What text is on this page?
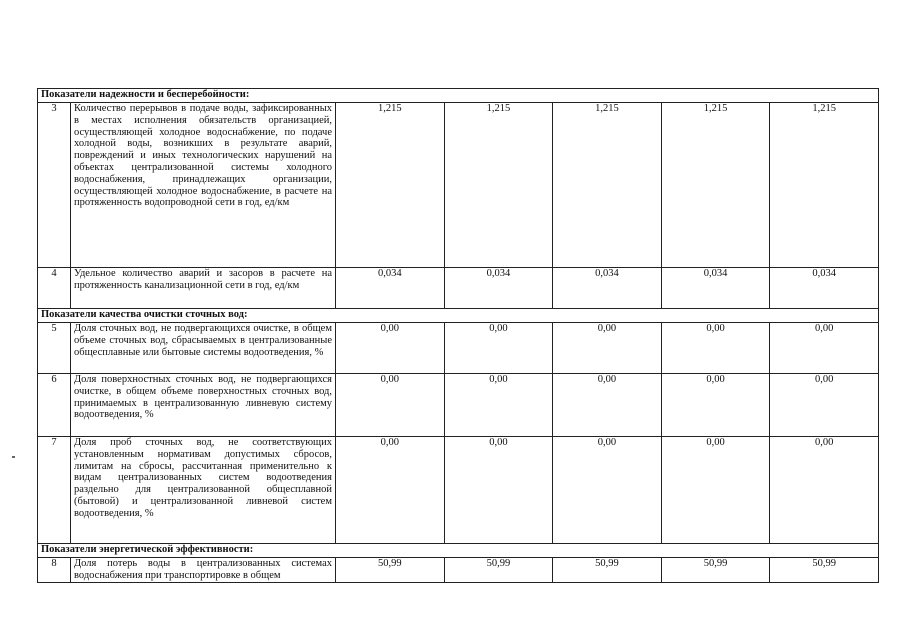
Показатели надежности и бесперебойности:						
3	Количество перерывов в подаче воды, зафиксированных в местах исполнения обязательств организацией, осуществляющей холодное водоснабжение, по подаче холодной воды, возникших в результате аварий, повреждений и иных технологических нарушений на объектах централизованной системы холодного водоснабжения, принадлежащих организации, осуществляющей холодное водоснабжение, в расчете на протяженность водопроводной сети в год, ед/км	1,215	1,215	1,215	1,215	1,215
4	Удельное количество аварий и засоров в расчете на протяженность канализационной сети в год, ед/км	0,034	0,034	0,034	0,034	0,034
Показатели качества очистки сточных вод:						
5	Доля сточных вод, не подвергающихся очистке, в общем объеме сточных вод, сбрасываемых в централизованные общесплавные или бытовые системы водоотведения, %	0,00	0,00	0,00	0,00	0,00
6	Доля поверхностных сточных вод, не подвергающихся очистке, в общем объеме поверхностных сточных вод, принимаемых в централизованную ливневую систему водоотведения, %	0,00	0,00	0,00	0,00	0,00
7	Доля проб сточных вод, не соответствующих установленным нормативам допустимых сбросов, лимитам на сбросы, рассчитанная применительно к видам централизованных систем водоотведения раздельно для централизованной общесплавной (бытовой) и централизованной ливневой систем водоотведения, %	0,00	0,00	0,00	0,00	0,00
Показатели энергетической эффективности:						
8	Доля потерь воды в централизованных системах водоснабжения при транспортировке в общем	50,99	50,99	50,99	50,99	50,99
